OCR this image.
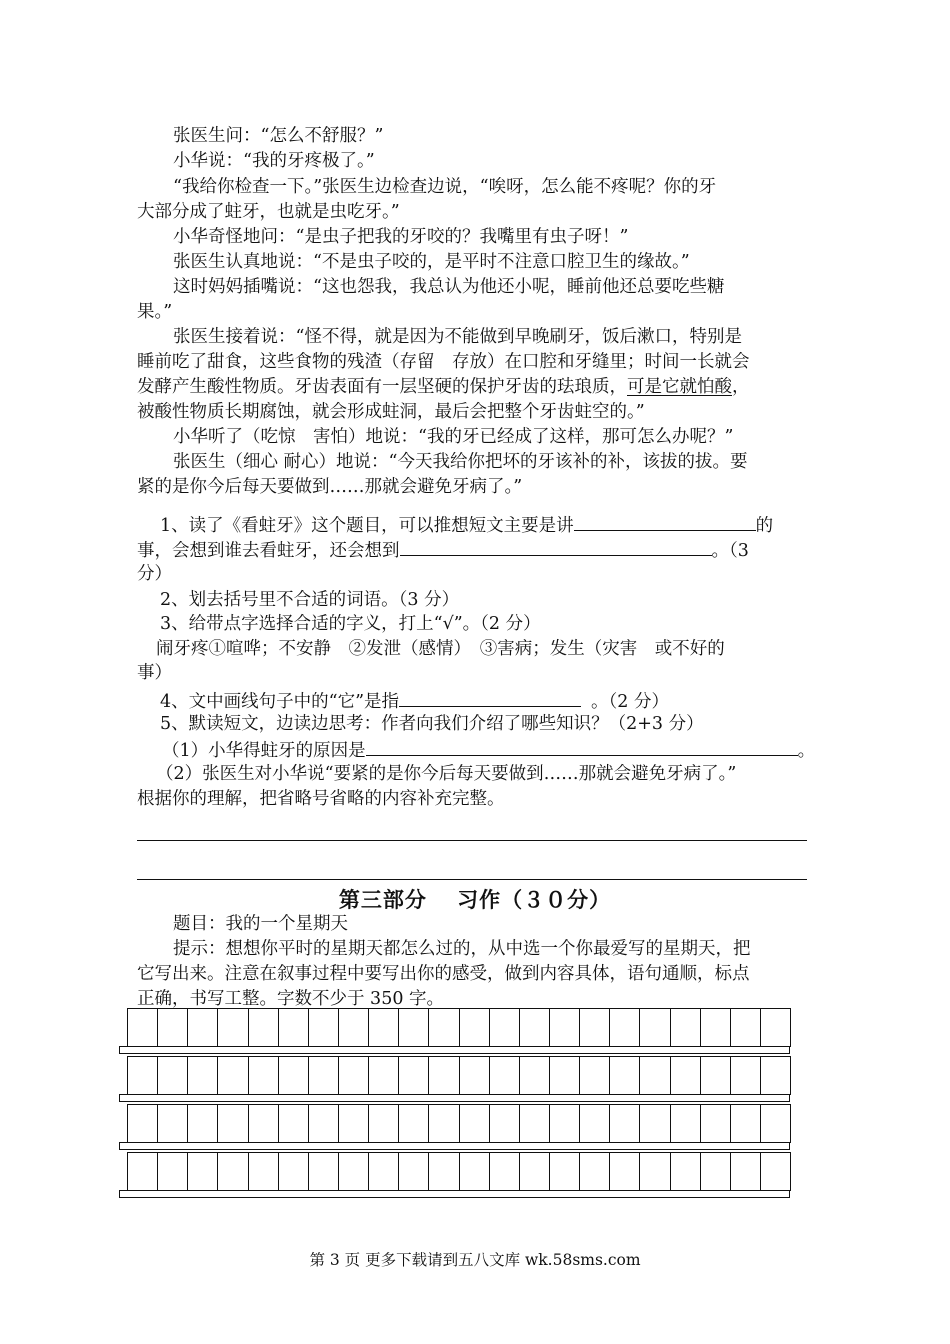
张医生问：“怎么不舒服？”
小华说：“我的牙疼极了。”
“我给你检查一下。”张医生边检查边说，“唉呀，怎么能不疼呢？你的牙
大部分成了蛀牙，也就是虫吃牙。”
小华奇怪地问：“是虫子把我的牙咬的？我嘴里有虫子呀！”
张医生认真地说：“不是虫子咬的，是平时不注意口腔卫生的缘故。”
这时妈妈插嘴说：“这也怨我，我总认为他还小呢，睡前他还总要吃些糖
果。”
张医生接着说：“怪不得，就是因为不能做到早晚刷牙，饭后漱口，特别是
睡前吃了甜食，这些食物的残渣（存留　存放）在口腔和牙缝里；时间一长就会
发酵产生酸性物质。牙齿表面有一层坚硬的保护牙齿的珐琅质，可是它就怕酸，
被酸性物质长期腐蚀，就会形成蛀洞，最后会把整个牙齿蛀空的。”
小华听了（吃惊　害怕）地说：“我的牙已经成了这样，那可怎么办呢？”
张医生（细心 耐心）地说：“今天我给你把坏的牙该补的补，该拔的拔。要
紧的是你今后每天要做到……那就会避免牙病了。”
1、读了《看蛀牙》这个题目，可以推想短文主要是讲	的
事，会想到谁去看蛀牙，还会想到	。（3
分）
2、划去括号里不合适的词语。（3 分）
3、给带点字选择合适的字义，打上“√”。（2 分）
闹牙疼①喧哗；不安静　②发泄（感情）　③害病；发生（灾害　或不好的
事）
4、文中画线句子中的“它”是指	。（2 分）
5、默读短文，边读边思考：作者向我们介绍了哪些知识？（2+3 分）
（1）小华得蛀牙的原因是	。
（2）张医生对小华说“要紧的是你今后每天要做到……那就会避免牙病了。”
根据你的理解，把省略号省略的内容补充完整。
第三部分　 习作（３０分）
题目：我的一个星期天
提示：想想你平时的星期天都怎么过的，从中选一个你最爱写的星期天，把
它写出来。注意在叙事过程中要写出你的感受，做到内容具体，语句通顺，标点
正确，书写工整。字数不少于 350 字。
第 3 页 更多下载请到五八文库 wk.58sms.com
